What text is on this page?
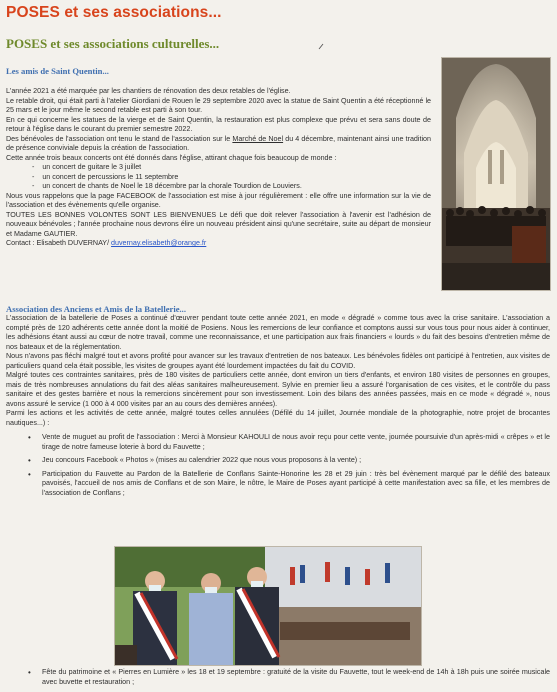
POSES et ses associations...
POSES et ses associations culturelles...
Les amis de Saint Quentin...

L'année 2021 a été marquée par les chantiers de rénovation des deux retables de l'église.

Le retable droit, qui était parti à l'atelier Giordiani de Rouen le 29 septembre 2020 avec la statue de Saint Quentin a été réceptionné le 25 mars et le jour même le second retable est parti à son tour.

En ce qui concerne les statues de la vierge et de Saint Quentin, la restauration est plus complexe que prévu et sera sans doute de retour à l'église dans le courant du premier semestre 2022.

Des bénévoles de l'association ont tenu le stand de l'association sur le Marché de Noel du 4 décembre, maintenant ainsi une tradition de présence conviviale depuis la création de l'association.

Cette année trois beaux concerts ont été donnés dans l'église, attirant chaque fois beaucoup de monde :

- un concert de guitare le 3 juillet

- un concert de percussions le 11 septembre

- un concert de chants de Noel le 18 décembre par la chorale Tourdion de Louviers.

Nous vous rappelons que la page FACEBOOK de l'association est mise à jour régulièrement : elle offre une information sur la vie de l'association et des évènements qu'elle organise.

TOUTES LES BONNES VOLONTES SONT LES BIENVENUES Le défi que doit relever l'association à l'avenir est l'adhésion de nouveaux bénévoles ; l'année prochaine nous devrons élire un nouveau président ainsi qu'une secrétaire, suite au départ de monsieur et Madame GAUTIER.

Contact : Elisabeth DUVERNAY/ duvernay.elisabeth@orange.fr

Association des Anciens et Amis de la Batellerie...

L'association de la batellerie de Poses a continué d'œuvrer pendant toute cette année 2021, en mode « dégradé » comme tous avec la crise sanitaire. L'association a compté près de 120 adhérents cette année dont la moitié de Posiens. Nous les remercions de leur confiance et comptons aussi sur vous tous pour nous aider à continuer, les adhésions étant aussi au cœur de notre travail, comme une reconnaissance, et une participation aux frais financiers « lourds » du fait des besoins d'entretien même de nos bateaux et de la réglementation.

Nous n'avons pas fléchi malgré tout et avons profité pour avancer sur les travaux d'entretien de nos bateaux. Les bénévoles fidèles ont participé à l'entretien, aux visites de particuliers quand cela était possible, les visites de groupes ayant été lourdement impactées du fait du COVID.

Malgré toutes ces contraintes sanitaires, près de 180 visites de particuliers cette année, dont environ un tiers d'enfants, et environ 180 visites de personnes en groupes, mais de très nombreuses annulations du fait des aléas sanitaires malheureusement. Sylvie en premier lieu a assuré l'organisation de ces visites, et le contrôle du pass sanitaire et des gestes barrière et nous la remercions sincèrement pour son investissement. Loin des bilans des années passées, mais en ce mode « dégradé », nous avons assuré le service (1 000 à 4 000 visites par an au cours des dernières années).

Parmi les actions et les activités de cette année, malgré toutes celles annulées (Défilé du 14 juillet, Journée mondiale de la photographie, notre projet de brocantes nautiques...) :

• Vente de muguet au profit de l'association : Merci à Monsieur KAHOULI de nous avoir reçu pour cette vente, journée poursuivie d'un après-midi « crêpes » et le tirage de notre fameuse loterie à bord du Fauvette ;
• Jeu concours Facebook « Photos » (mises au calendrier 2022 que nous vous proposons à la vente) ;
• Participation du Fauvette au Pardon de la Batellerie de Conflans Sainte-Honorine les 28 et 29 juin : très bel évènement marqué par le défilé des bateaux pavoisés, l'accueil de nos amis de Conflans et de son Maire, le nôtre, le Maire de Poses ayant participé à cette manifestation avec sa fille, et les membres de l'association de Conflans ;
• Fête du patrimoine et « Pierres en Lumière » les 18 et 19 septembre : gratuité de la visite du Fauvette, tout le week-end de 14h à 18h puis une soirée musicale avec buvette et restauration ;
